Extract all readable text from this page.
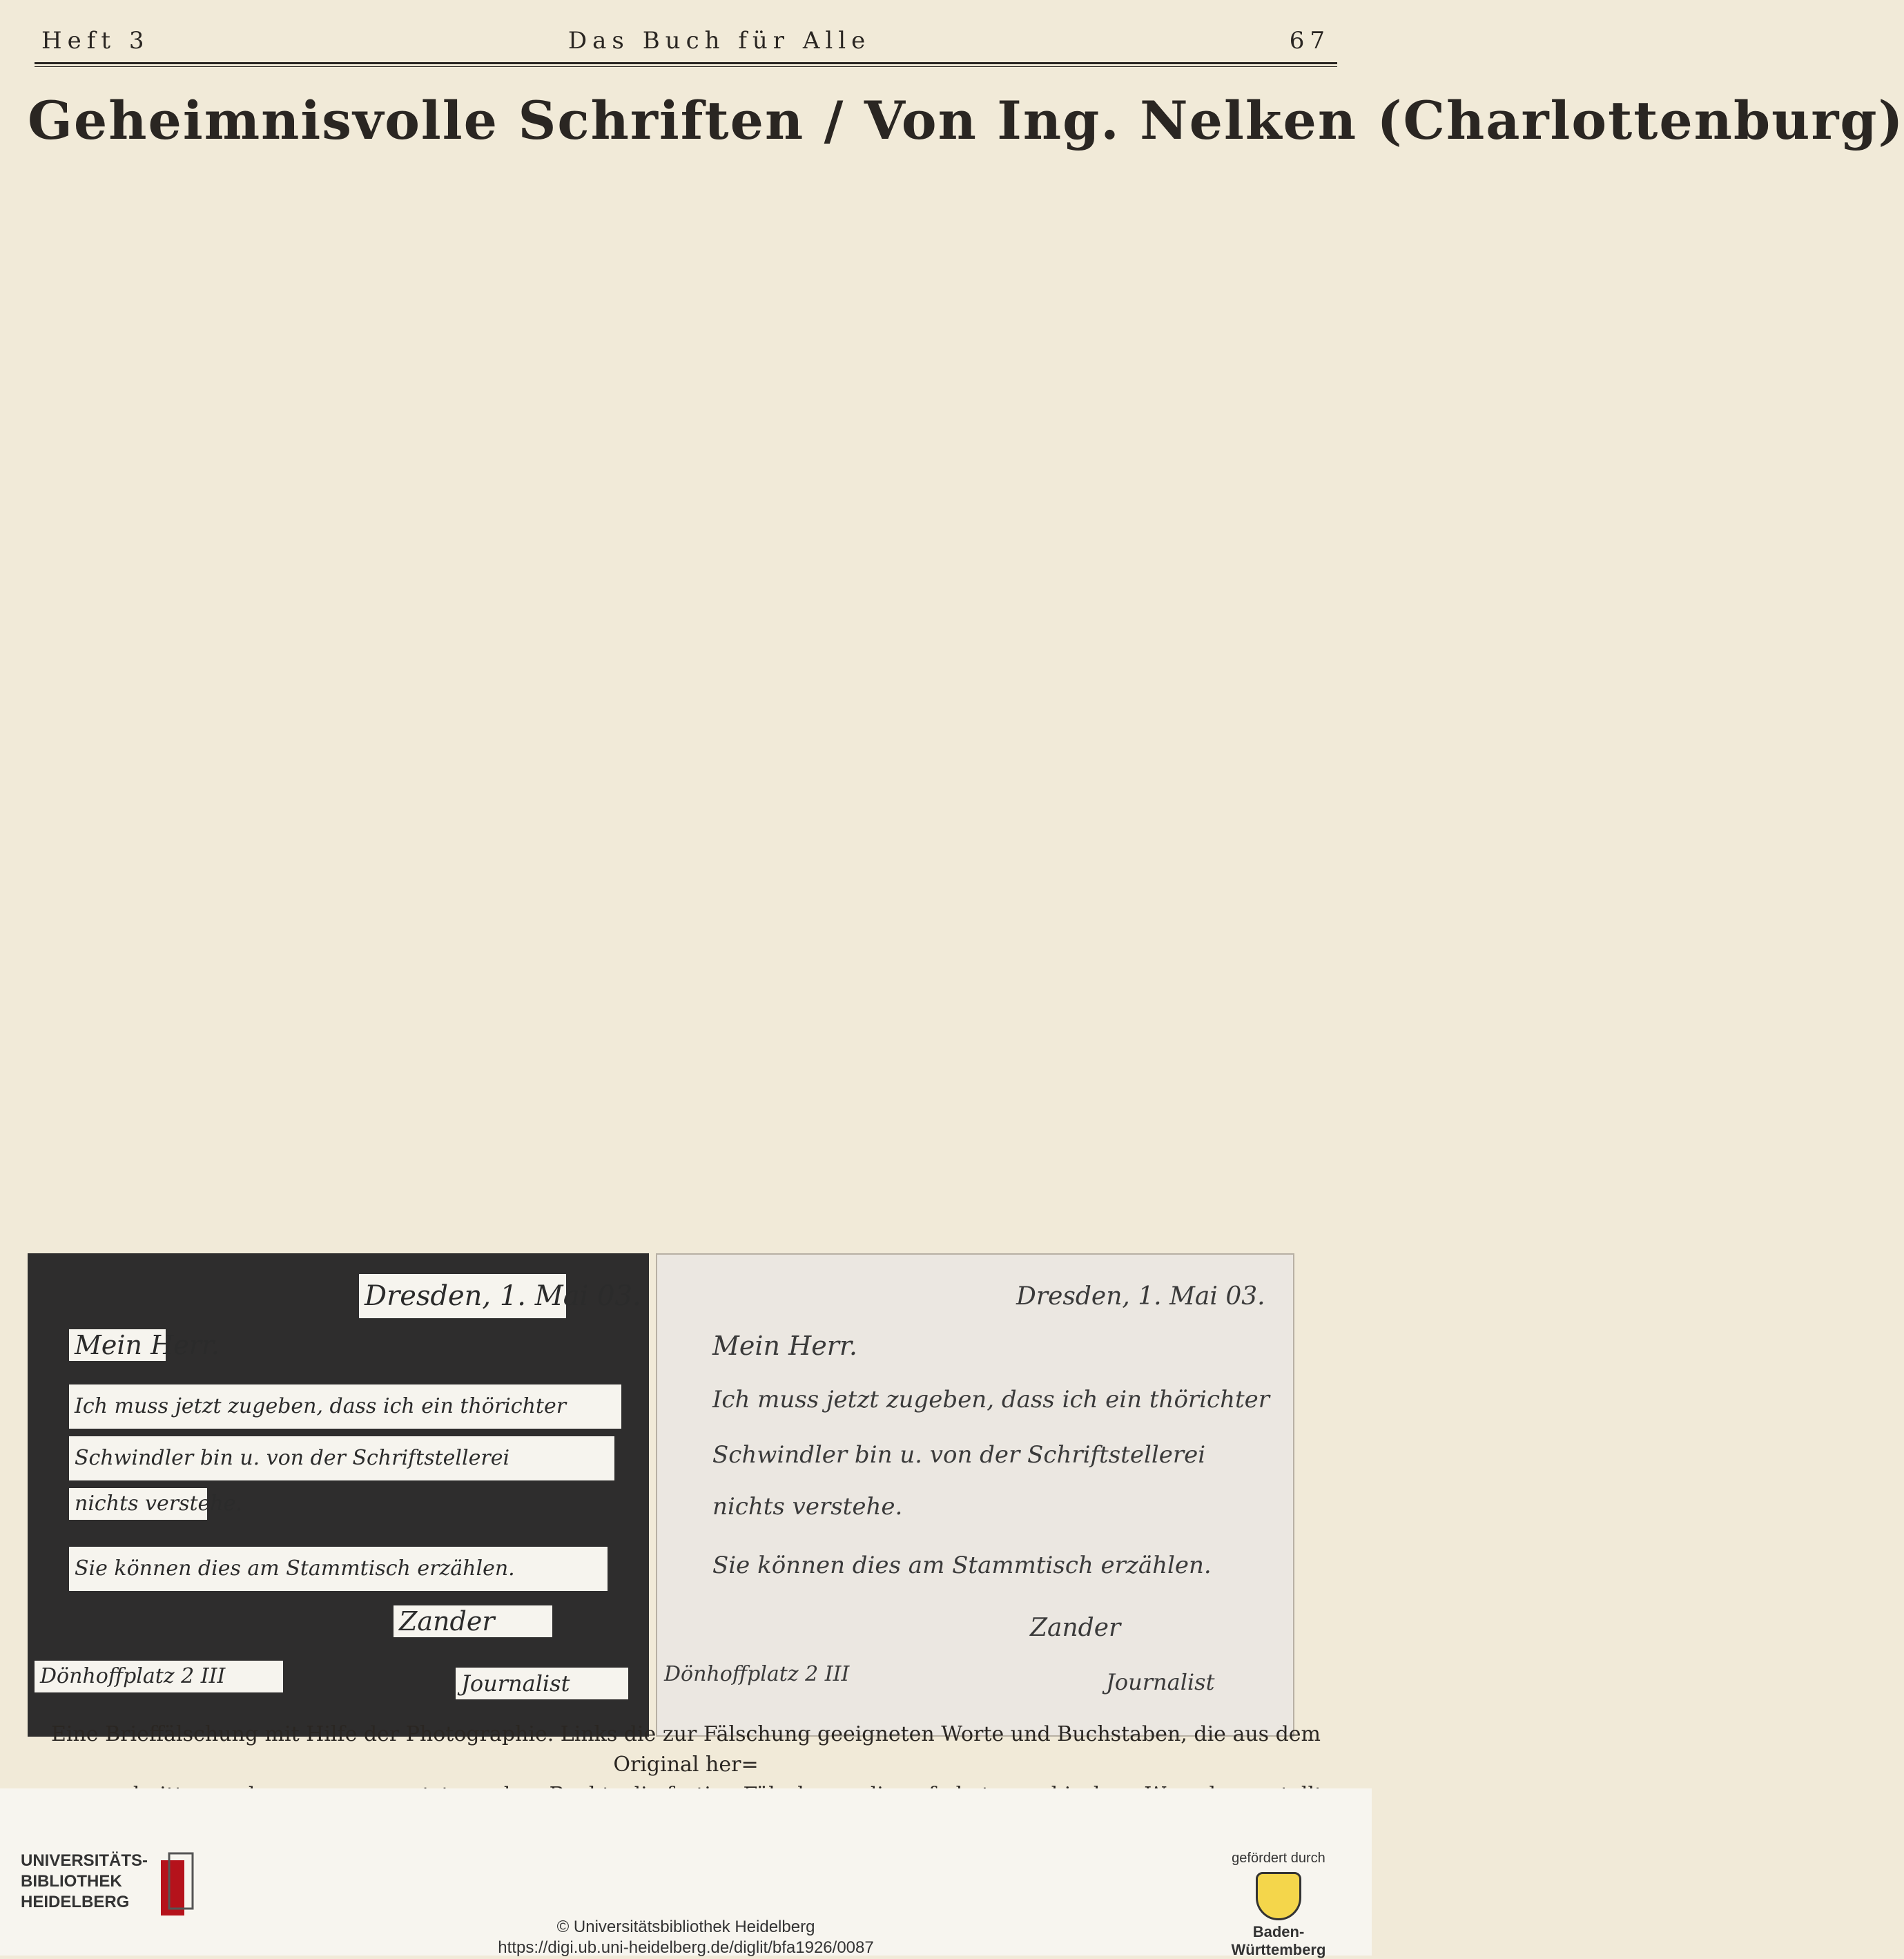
Heft 3	Das Buch für Alle	67
Geheimnisvolle Schriften / Von Ing. Nelken (Charlottenburg)
Dresden, 1. Mai 03.
Mein Herr.
Ich muss jetzt zugeben, dass ich ein thörichter
Schwindler bin u. von der Schriftstellerei
nichts verstehe.
Sie können dies am Stammtisch erzählen.
Zander
Dönhoffplatz 2 III	Journalist
Dresden, 1. Mai 03.
Mein Herr.
Ich muss jetzt zugeben, dass ich ein thörichter
Schwindler bin u. von der Schriftstellerei
nichts verstehe.
Sie können dies am Stammtisch erzählen.
Zander
Journalist
Dönhoffplatz 2 III
Eine Brieffälschung mit Hilfe der Photographie. Links die zur Fälschung geeigneten Worte und Buchstaben, die aus dem Original her=
UNIVERSITÄTS-
BIBLIOTHEK
HEIDELBERG
© Universitätsbibliothek Heidelberg
https://digi.ub.uni-heidelberg.de/diglit/bfa1926/0087
gefördert durch
Baden-Württemberg
